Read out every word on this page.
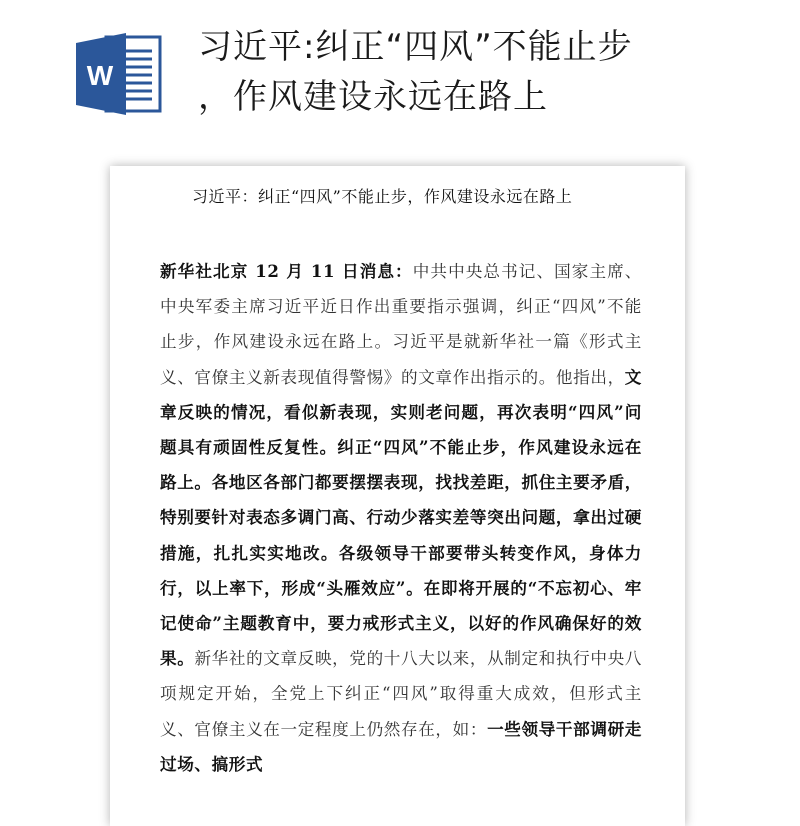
W
习近平:纠正“四风”不能止步
，作风建设永远在路上
习近平：纠正“四风”不能止步，作风建设永远在路上
新华社北京 12 月 11 日消息：中共中央总书记、国家主席、中央军委主席习近平近日作出重要指示强调，纠正“四风”不能止步，作风建设永远在路上。习近平是就新华社一篇《形式主义、官僚主义新表现值得警惕》的文章作出指示的。他指出，文章反映的情况，看似新表现，实则老问题，再次表明“四风”问题具有顽固性反复性。纠正“四风”不能止步，作风建设永远在路上。各地区各部门都要摆摆表现，找找差距，抓住主要矛盾，特别要针对表态多调门高、行动少落实差等突出问题，拿出过硬措施，扎扎实实地改。各级领导干部要带头转变作风，身体力行，以上率下，形成“头雁效应”。在即将开展的“不忘初心、牢记使命”主题教育中，要力戒形式主义，以好的作风确保好的效果。新华社的文章反映，党的十八大以来，从制定和执行中央八项规定开始，全党上下纠正“四风”取得重大成效，但形式主义、官僚主义在一定程度上仍然存在，如：一些领导干部调研走过场、搞形式
